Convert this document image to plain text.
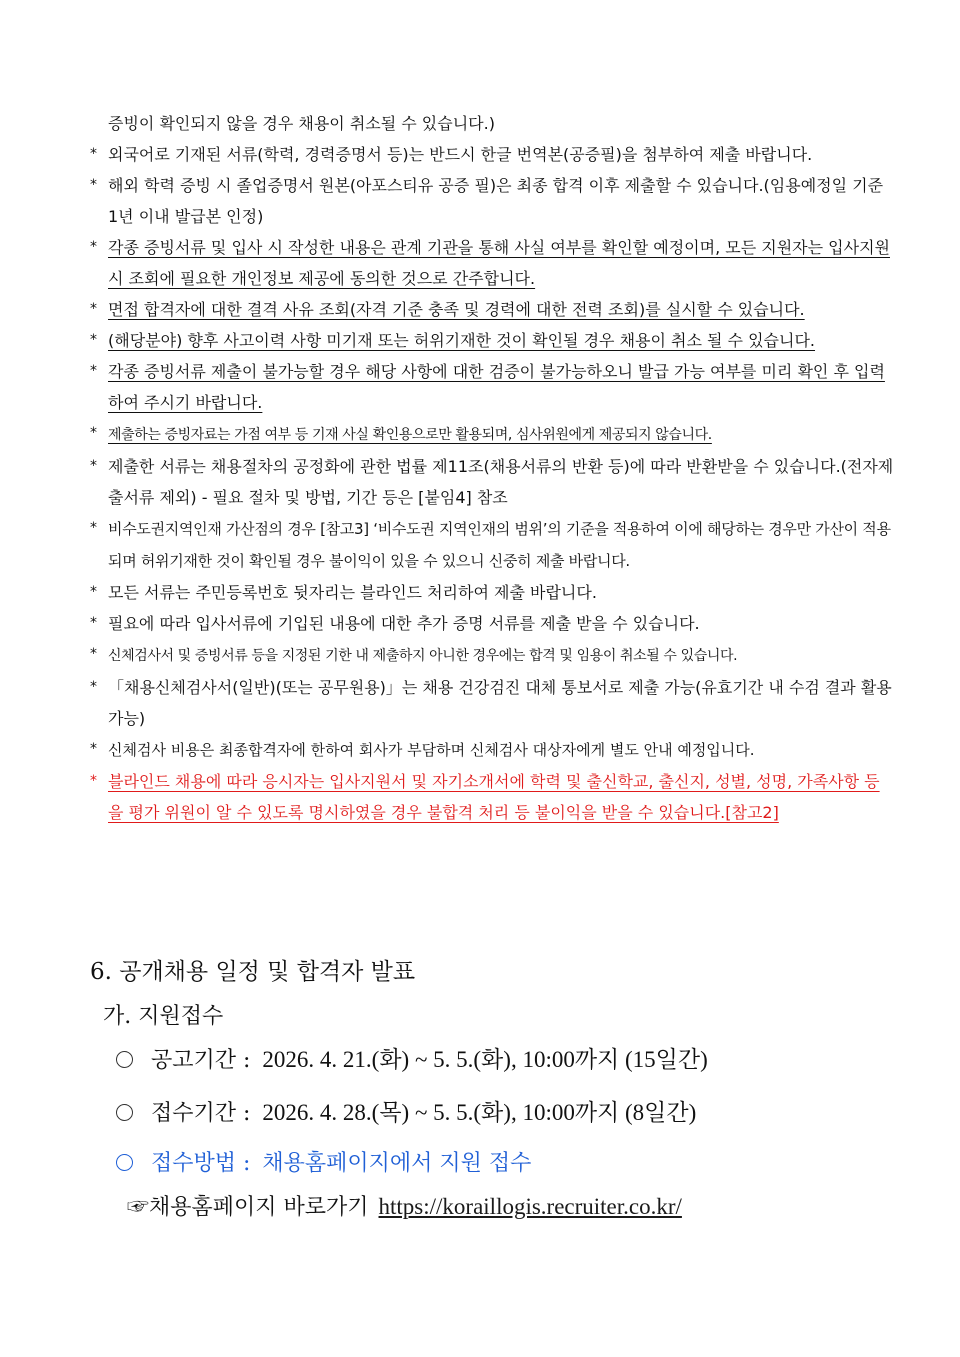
증빙이 확인되지 않을 경우 채용이 취소될 수 있습니다.)
* 외국어로 기재된 서류(학력, 경력증명서 등)는 반드시 한글 번역본(공증필)을 첨부하여 제출 바랍니다.
* 해외 학력 증빙 시 졸업증명서 원본(아포스티유 공증 필)은 최종 합격 이후 제출할 수 있습니다.(임용예정일 기준 1년 이내 발급본 인정)
* 각종 증빙서류 및 입사 시 작성한 내용은 관계 기관을 통해 사실 여부를 확인할 예정이며, 모든 지원자는 입사지원 시 조회에 필요한 개인정보 제공에 동의한 것으로 간주합니다.
* 면접 합격자에 대한 결격 사유 조회(자격 기준 충족 및 경력에 대한 전력 조회)를 실시할 수 있습니다.
* (해당분야) 향후 사고이력 사항 미기재 또는 허위기재한 것이 확인될 경우 채용이 취소 될 수 있습니다.
* 각종 증빙서류 제출이 불가능할 경우 해당 사항에 대한 검증이 불가능하오니 발급 가능 여부를 미리 확인 후 입력하여 주시기 바랍니다.
* 제출하는 증빙자료는 가점 여부 등 기재 사실 확인용으로만 활용되며, 심사위원에게 제공되지 않습니다.
* 제출한 서류는 채용절차의 공정화에 관한 법률 제11조(채용서류의 반환 등)에 따라 반환받을 수 있습니다.(전자제출서류 제외) - 필요 절차 및 방법, 기간 등은 [붙임4] 참조
* 비수도권지역인재 가산점의 경우 [참고3] ‘비수도권 지역인재의 범위’의 기준을 적용하여 이에 해당하는 경우만 가산이 적용되며 허위기재한 것이 확인될 경우 불이익이 있을 수 있으니 신중히 제출 바랍니다.
* 모든 서류는 주민등록번호 뒷자리는 블라인드 처리하여 제출 바랍니다.
* 필요에 따라 입사서류에 기입된 내용에 대한 추가 증명 서류를 제출 받을 수 있습니다.
* 신체검사서 및 증빙서류 등을 지정된 기한 내 제출하지 아니한 경우에는 합격 및 임용이 취소될 수 있습니다.
* 「채용신체검사서(일반)(또는 공무원용)」는 채용 건강검진 대체 통보서로 제출 가능(유효기간 내 수검 결과 활용 가능)
* 신체검사 비용은 최종합격자에 한하여 회사가 부담하며 신체검사 대상자에게 별도 안내 예정입니다.
* 블라인드 채용에 따라 응시자는 입사지원서 및 자기소개서에 학력 및 출신학교, 출신지, 성별, 성명, 가족사항 등을 평가 위원이 알 수 있도록 명시하였을 경우 불합격 처리 등 불이익을 받을 수 있습니다.[참고2]
6. 공개채용 일정 및 합격자 발표
가. 지원접수
공고기간 : 2026. 4. 21.(화) ~ 5. 5.(화), 10:00까지 (15일간)
접수기간 : 2026. 4. 28.(목) ~ 5. 5.(화), 10:00까지 (8일간)
접수방법 : 채용홈페이지에서 지원 접수
☞채용홈페이지 바로가기 https://koraillogis.recruiter.co.kr/
